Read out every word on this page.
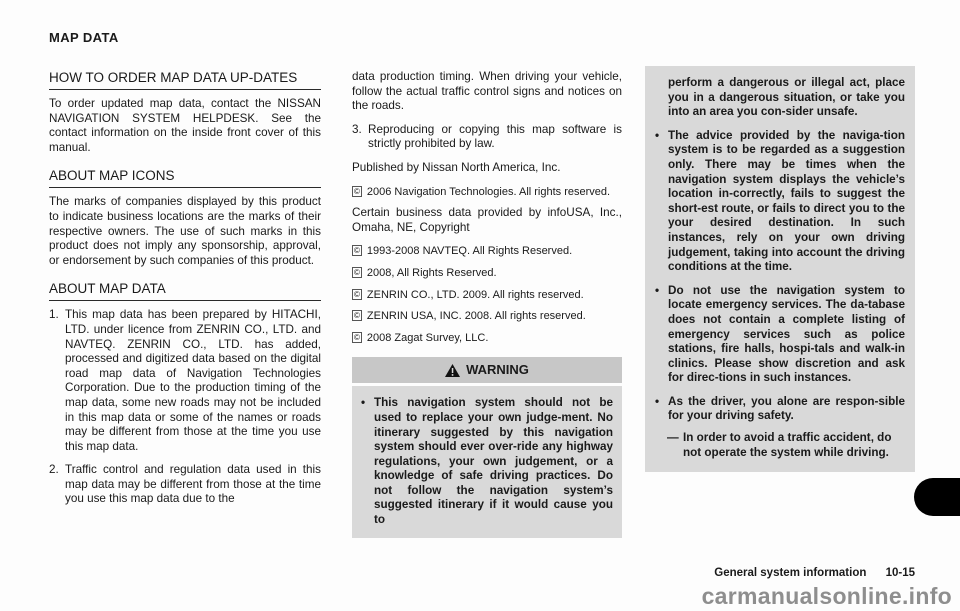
MAP DATA
HOW TO ORDER MAP DATA UP-DATES

To order updated map data, contact the NISSAN NAVIGATION SYSTEM HELPDESK. See the contact information on the inside front cover of this manual.

ABOUT MAP ICONS

The marks of companies displayed by this product to indicate business locations are the marks of their respective owners. The use of such marks in this product does not imply any sponsorship, approval, or endorsement by such companies of this product.

ABOUT MAP DATA
1. This map data has been prepared by HITACHI, LTD. under licence from ZENRIN CO., LTD. and NAVTEQ. ZENRIN CO., LTD. has added, processed and digitized data based on the digital road map data of Navigation Technologies Corporation. Due to the production timing of the map data, some new roads may not be included in this map data or some of the names or roads may be different from those at the time you use this map data.
2. Traffic control and regulation data used in this map data may be different from those at the time you use this map data due to the

data production timing. When driving your vehicle, follow the actual traffic control signs and notices on the roads.

3. Reproducing or copying this map software is strictly prohibited by law.

Published by Nissan North America, Inc.

© 2006 Navigation Technologies. All rights reserved.

Certain business data provided by infoUSA, Inc., Omaha, NE, Copyright

© 1993-2008 NAVTEQ. All Rights Reserved.

© 2008, All Rights Reserved.

© ZENRIN CO., LTD. 2009. All rights reserved.

© ZENRIN USA, INC. 2008. All rights reserved.

© 2008 Zagat Survey, LLC.

WARNING
• This navigation system should not be used to replace your own judge-ment. No itinerary suggested by this navigation system should ever over-ride any highway regulations, your own judgement, or a knowledge of safe driving practices. Do not follow the navigation system’s suggested itinerary if it would cause you to
perform a dangerous or illegal act, place you in a dangerous situation, or take you into an area you con-sider unsafe.
• The advice provided by the naviga-tion system is to be regarded as a suggestion only. There may be times when the navigation system displays the vehicle’s location in-correctly, fails to suggest the short-est route, or fails to direct you to the your desired destination. In such instances, rely on your own driving judgement, taking into account the driving conditions at the time.
• Do not use the navigation system to locate emergency services. The da-tabase does not contain a complete listing of emergency services such as police stations, fire halls, hospi-tals and walk-in clinics. Please show discretion and ask for direc-tions in such instances.
• As the driver, you alone are respon-sible for your driving safety.
— In order to avoid a traffic accident, do not operate the system while driving.
General system information 10-15
carmanualsonline.info
